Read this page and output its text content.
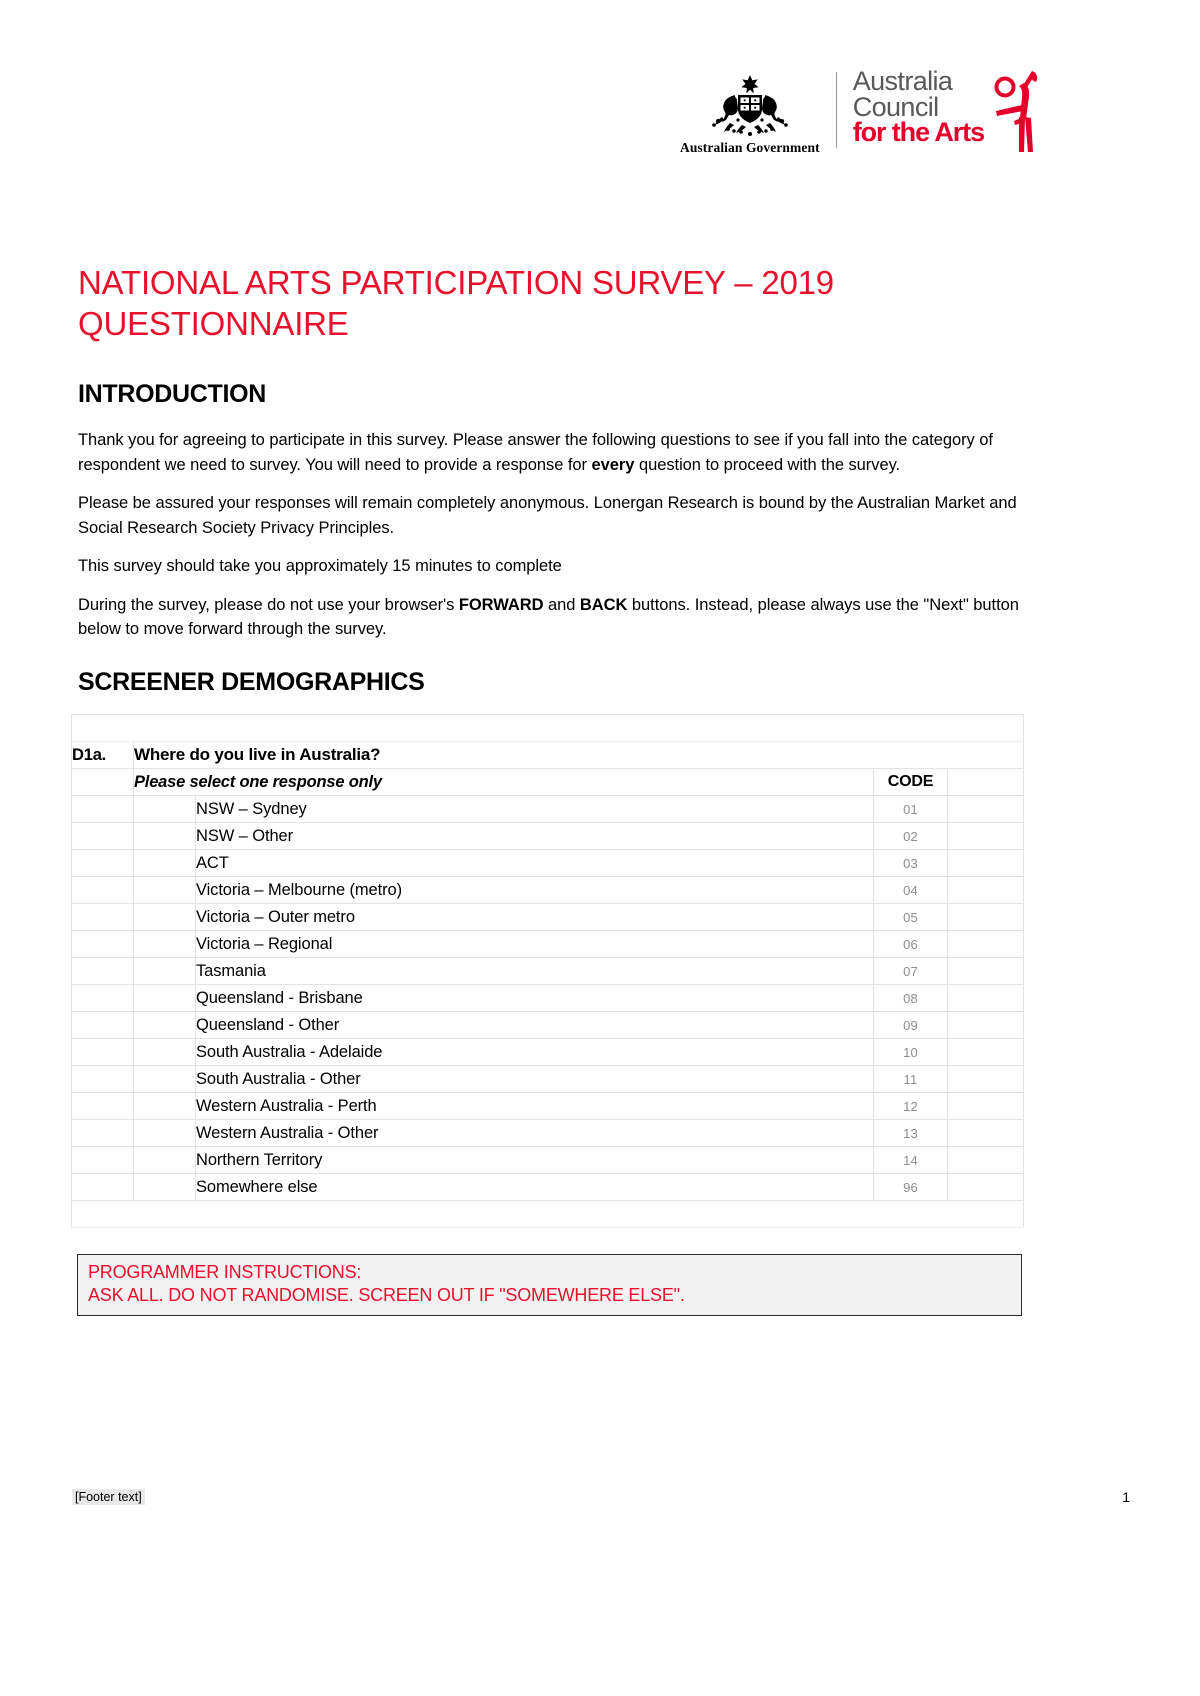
Australian Government
Australia
Council
for the Arts
NATIONAL ARTS PARTICIPATION SURVEY – 2019 QUESTIONNAIRE
INTRODUCTION

Thank you for agreeing to participate in this survey. Please answer the following questions to see if you fall into the category of respondent we need to survey. You will need to provide a response for every question to proceed with the survey.

Please be assured your responses will remain completely anonymous. Lonergan Research is bound by the Australian Market and Social Research Society Privacy Principles.

This survey should take you approximately 15 minutes to complete

During the survey, please do not use your browser's FORWARD and BACK buttons. Instead, please always use the "Next" button below to move forward through the survey.

SCREENER DEMOGRAPHICS

D1a.	Where do you live in Australia?			
	Please select one response only		CODE	
		NSW – Sydney	01	
		NSW – Other	02	
		ACT	03	
		Victoria – Melbourne (metro)	04	
		Victoria – Outer metro	05	
		Victoria – Regional	06	
		Tasmania	07	
		Queensland - Brisbane	08	
		Queensland - Other	09	
		South Australia - Adelaide	10	
		South Australia - Other	11	
		Western Australia - Perth	12	
		Western Australia - Other	13	
		Northern Territory	14	
		Somewhere else	96	

PROGRAMMER INSTRUCTIONS:
ASK ALL. DO NOT RANDOMISE. SCREEN OUT IF "SOMEWHERE ELSE".
[Footer text]	1
